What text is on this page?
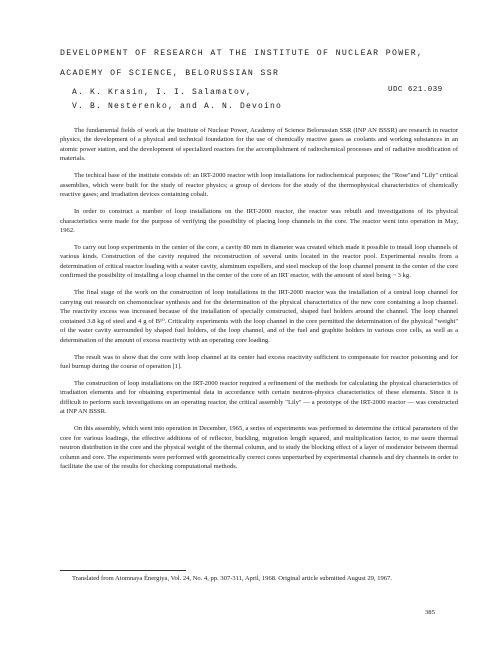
DEVELOPMENT OF RESEARCH AT THE INSTITUTE OF NUCLEAR POWER,
ACADEMY OF SCIENCE, BELORUSSIAN SSR
A. K. Krasin, I. I. Salamatov,
V. B. Nesterenko, and A. N. Devoino
UDC 621.039

The fundamental fields of work at the Institute of Nuclear Power, Academy of Science Belorussian SSR (INP AN BSSR) are research in reactor physics, the development of a physical and technical foundation for the use of chemically reactive gases as coolants and working substances in an atomic power station, and the development of specialized reactors for the accomplishment of radiochemical processes and of radiative modification of materials.

The techical base of the institute consists of: an IRT-2000 reactor with loop installations for radiochemical purposes; the "Rose"and "Lily" critical assemblies, which were built for the study of reactor physics; a group of devices for the study of the thermophysical characteristics of chemically reactive gases; and irradiation devices containing cobalt.

In order to construct a number of loop installations on the IRT-2000 reactor, the reactor was rebuilt and investigations of its physical characteristics were made for the purpose of verifying the possibility of placing loop channels in the core. The reactor went into operation in May, 1962.

To carry out loop experiments in the center of the core, a cavity 80 mm in diameter was created which made it possible to install loop channels of various kinds. Construction of the cavity required the reconstruction of several units located in the reactor pool. Experimental results from a determination of critical reactor loading with a water cavity, aluminum expellers, and steel mockup of the loop channel present in the center of the core confirmed the possibility of installing a loop channel in the center of the core of an IRT reactor, with the amount of steel being ~ 3 kg.

The final stage of the work on the construction of loop installations in the IRT-2000 reactor was the installation of a central loop channel for carrying out research on chemonuclear synthesis and for the determination of the physical characteristics of the new core containing a loop channel. The reactivity excess was increased because of the installation of specially constructed, shaped fuel holders around the channel. The loop channel contained 3.8 kg of steel and 4 g of B¹⁰. Criticality experiments with the loop channel in the core permitted the determination of the physical "weight" of the water cavity surrounded by shaped fuel holders, of the loop channel, and of the fuel and graphite holders in various core cells, as well as a determination of the amount of excess reactivity with an operating core loading.

The result was to show that the core with loop channel at its center had excess reactivity sufficient to compensate for reactor poisoning and for fuel burnup during the course of operation [1].

The construction of loop installations on the IRT-2000 reactor required a refinement of the methods for calculating the physical characteristics of irradiation elements and for obtaining experimental data in accordance with certain neutron-physics characteristics of these elements. Since it is difficult to perform such investigations on an operating reactor, the critical assembly "Lily" — a prototype of the IRT-2000 reactor — was constructed at INP AN BSSR.

On this assembly, which went into operation in December, 1965, a series of experiments was performed to determine the critical parameters of the core for various loadings, the effective additions of of reflector, buckling, migration length squared, and multiplication factor, to me usure thermal neutron distribution in the core and the physical weight of the thermal column, and to study the blocking effect of a layer of moderator between thermal column and core. The experiments were performed with geometrically correct cores unperturbed by experimental channels and dry channels in order to facilitate the use of the results for checking computational methods.

Translated from Atomnaya Énergiya, Vol. 24, No. 4, pp. 307-311, April, 1968. Original article submitted August 29, 1967.

385
